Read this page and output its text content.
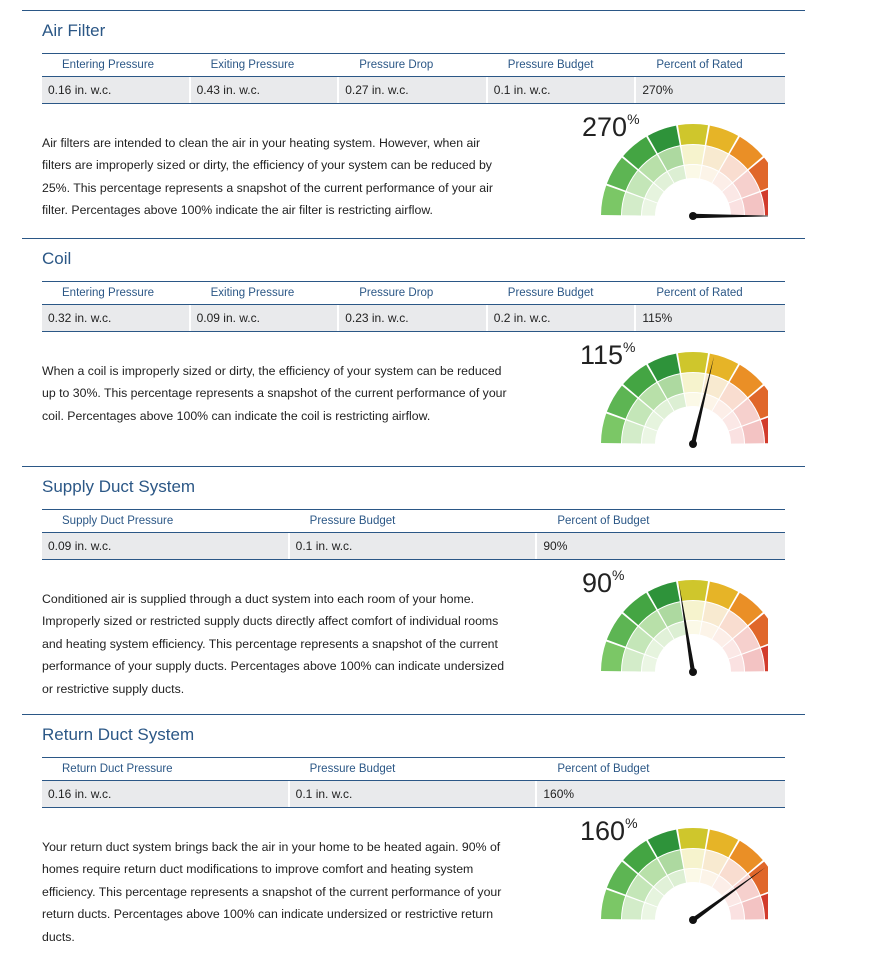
Air Filter
Entering Pressure	Exiting Pressure	Pressure Drop	Pressure Budget	Percent of Rated
0.16 in. w.c.	0.43 in. w.c.	0.27 in. w.c.	0.1 in. w.c.	270%

Air filters are intended to clean the air in your heating system. However, when air filters are improperly sized or dirty, the efficiency of your system can be reduced by 25%. This percentage represents a snapshot of the current performance of your air filter. Percentages above 100% indicate the air filter is restricting airflow.

Coil
Entering Pressure	Exiting Pressure	Pressure Drop	Pressure Budget	Percent of Rated
0.32 in. w.c.	0.09 in. w.c.	0.23 in. w.c.	0.2 in. w.c.	115%

When a coil is improperly sized or dirty, the efficiency of your system can be reduced up to 30%. This percentage represents a snapshot of the current performance of your coil. Percentages above 100% can indicate the coil is restricting airflow.

Supply Duct System
Supply Duct Pressure	Pressure Budget	Percent of Budget
0.09 in. w.c.	0.1 in. w.c.	90%

Conditioned air is supplied through a duct system into each room of your home. Improperly sized or restricted supply ducts directly affect comfort of individual rooms and heating system efficiency. This percentage represents a snapshot of the current performance of your supply ducts. Percentages above 100% can indicate undersized or restrictive supply ducts.

Return Duct System
Return Duct Pressure	Pressure Budget	Percent of Budget
0.16 in. w.c.	0.1 in. w.c.	160%

Your return duct system brings back the air in your home to be heated again. 90% of homes require return duct modifications to improve comfort and heating system efficiency. This percentage represents a snapshot of the current performance of your return ducts. Percentages above 100% can indicate undersized or restrictive return ducts.

270%
115%
90%
160%
